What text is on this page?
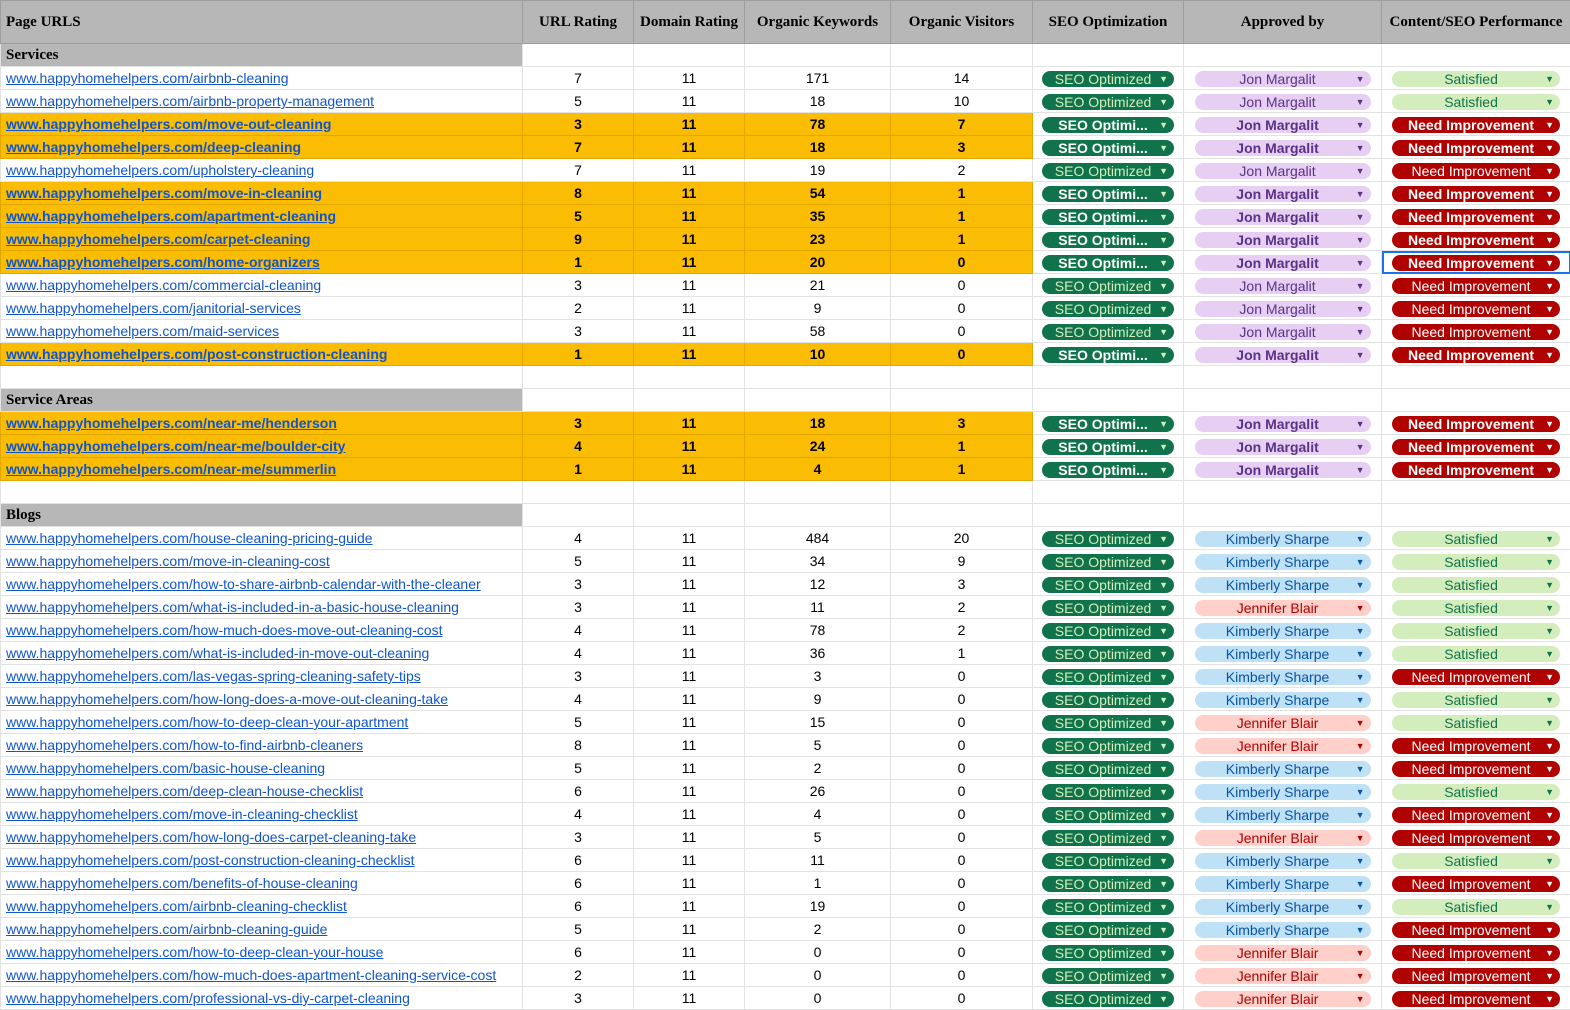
Page URLS	URL Rating	Domain Rating	Organic Keywords	Organic Visitors	SEO Optimization	Approved by	Content/SEO Performance
Services							
www.happyhomehelpers.com/airbnb-cleaning	7	11	171	14	SEO Optimized ▼	Jon Margalit ▼	Satisfied ▼

www.happyhomehelpers.com/airbnb-property-management	5	11	18	10	SEO Optimized ▼	Jon Margalit ▼	Satisfied ▼

www.happyhomehelpers.com/move-out-cleaning	3	11	78	7	SEO Optimi... ▼	Jon Margalit ▼	Need Improvement ▼

www.happyhomehelpers.com/deep-cleaning	7	11	18	3	SEO Optimi... ▼	Jon Margalit ▼	Need Improvement ▼

www.happyhomehelpers.com/upholstery-cleaning	7	11	19	2	SEO Optimized ▼	Jon Margalit ▼	Need Improvement ▼

www.happyhomehelpers.com/move-in-cleaning	8	11	54	1	SEO Optimi... ▼	Jon Margalit ▼	Need Improvement ▼

www.happyhomehelpers.com/apartment-cleaning	5	11	35	1	SEO Optimi... ▼	Jon Margalit ▼	Need Improvement ▼

www.happyhomehelpers.com/carpet-cleaning	9	11	23	1	SEO Optimi... ▼	Jon Margalit ▼	Need Improvement ▼

www.happyhomehelpers.com/home-organizers	1	11	20	0	SEO Optimi... ▼	Jon Margalit ▼	Need Improvement ▼

www.happyhomehelpers.com/commercial-cleaning	3	11	21	0	SEO Optimized ▼	Jon Margalit ▼	Need Improvement ▼

www.happyhomehelpers.com/janitorial-services	2	11	9	0	SEO Optimized ▼	Jon Margalit ▼	Need Improvement ▼

www.happyhomehelpers.com/maid-services	3	11	58	0	SEO Optimized ▼	Jon Margalit ▼	Need Improvement ▼

www.happyhomehelpers.com/post-construction-cleaning	1	11	10	0	SEO Optimi... ▼	Jon Margalit ▼	Need Improvement ▼

Service Areas							
www.happyhomehelpers.com/near-me/henderson	3	11	18	3	SEO Optimi... ▼	Jon Margalit ▼	Need Improvement ▼

www.happyhomehelpers.com/near-me/boulder-city	4	11	24	1	SEO Optimi... ▼	Jon Margalit ▼	Need Improvement ▼

www.happyhomehelpers.com/near-me/summerlin	1	11	4	1	SEO Optimi... ▼	Jon Margalit ▼	Need Improvement ▼

Blogs							
www.happyhomehelpers.com/house-cleaning-pricing-guide	4	11	484	20	SEO Optimized ▼	Kimberly Sharpe ▼	Satisfied ▼

www.happyhomehelpers.com/move-in-cleaning-cost	5	11	34	9	SEO Optimized ▼	Kimberly Sharpe ▼	Satisfied ▼

www.happyhomehelpers.com/how-to-share-airbnb-calendar-with-the-cleaner	3	11	12	3	SEO Optimized ▼	Kimberly Sharpe ▼	Satisfied ▼

www.happyhomehelpers.com/what-is-included-in-a-basic-house-cleaning	3	11	11	2	SEO Optimized ▼	Jennifer Blair ▼	Satisfied ▼

www.happyhomehelpers.com/how-much-does-move-out-cleaning-cost	4	11	78	2	SEO Optimized ▼	Kimberly Sharpe ▼	Satisfied ▼

www.happyhomehelpers.com/what-is-included-in-move-out-cleaning	4	11	36	1	SEO Optimized ▼	Kimberly Sharpe ▼	Satisfied ▼

www.happyhomehelpers.com/las-vegas-spring-cleaning-safety-tips	3	11	3	0	SEO Optimized ▼	Kimberly Sharpe ▼	Need Improvement ▼

www.happyhomehelpers.com/how-long-does-a-move-out-cleaning-take	4	11	9	0	SEO Optimized ▼	Kimberly Sharpe ▼	Satisfied ▼

www.happyhomehelpers.com/how-to-deep-clean-your-apartment	5	11	15	0	SEO Optimized ▼	Jennifer Blair ▼	Satisfied ▼

www.happyhomehelpers.com/how-to-find-airbnb-cleaners	8	11	5	0	SEO Optimized ▼	Jennifer Blair ▼	Need Improvement ▼

www.happyhomehelpers.com/basic-house-cleaning	5	11	2	0	SEO Optimized ▼	Kimberly Sharpe ▼	Need Improvement ▼

www.happyhomehelpers.com/deep-clean-house-checklist	6	11	26	0	SEO Optimized ▼	Kimberly Sharpe ▼	Satisfied ▼

www.happyhomehelpers.com/move-in-cleaning-checklist	4	11	4	0	SEO Optimized ▼	Kimberly Sharpe ▼	Need Improvement ▼

www.happyhomehelpers.com/how-long-does-carpet-cleaning-take	3	11	5	0	SEO Optimized ▼	Jennifer Blair ▼	Need Improvement ▼

www.happyhomehelpers.com/post-construction-cleaning-checklist	6	11	11	0	SEO Optimized ▼	Kimberly Sharpe ▼	Satisfied ▼

www.happyhomehelpers.com/benefits-of-house-cleaning	6	11	1	0	SEO Optimized ▼	Kimberly Sharpe ▼	Need Improvement ▼

www.happyhomehelpers.com/airbnb-cleaning-checklist	6	11	19	0	SEO Optimized ▼	Kimberly Sharpe ▼	Satisfied ▼

www.happyhomehelpers.com/airbnb-cleaning-guide	5	11	2	0	SEO Optimized ▼	Kimberly Sharpe ▼	Need Improvement ▼

www.happyhomehelpers.com/how-to-deep-clean-your-house	6	11	0	0	SEO Optimized ▼	Jennifer Blair ▼	Need Improvement ▼

www.happyhomehelpers.com/how-much-does-apartment-cleaning-service-cost	2	11	0	0	SEO Optimized ▼	Jennifer Blair ▼	Need Improvement ▼

www.happyhomehelpers.com/professional-vs-diy-carpet-cleaning	3	11	0	0	SEO Optimized ▼	Jennifer Blair ▼	Need Improvement ▼
